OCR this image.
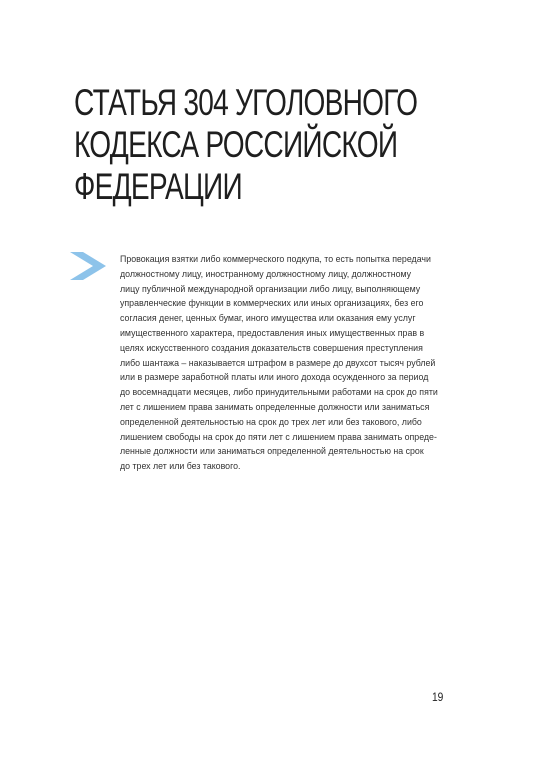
СТАТЬЯ 304 УГОЛОВНОГО
КОДЕКСА РОССИЙСКОЙ
ФЕДЕРАЦИИ

Провокация взятки либо коммерческого подкупа, то есть попытка передачи
должностному лицу, иностранному должностному лицу, должностному
лицу публичной международной организации либо лицу, выполняющему
управленческие функции в коммерческих или иных организациях, без его
согласия денег, ценных бумаг, иного имущества или оказания ему услуг
имущественного характера, предоставления иных имущественных прав в
целях искусственного создания доказательств совершения преступления
либо шантажа – наказывается штрафом в размере до двухсот тысяч рублей
или в размере заработной платы или иного дохода осужденного за период
до восемнадцати месяцев, либо принудительными работами на срок до пяти
лет с лишением права занимать определенные должности или заниматься
определенной деятельностью на срок до трех лет или без такового, либо
лишением свободы на срок до пяти лет с лишением права занимать опреде-
ленные должности или заниматься определенной деятельностью на срок
до трех лет или без такового.

19
